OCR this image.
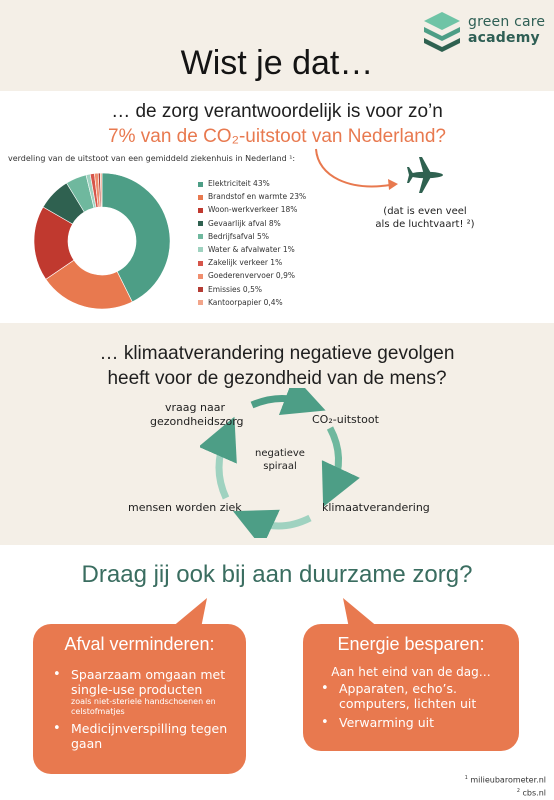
green care
academy
Wist je dat…
… de zorg verantwoordelijk is voor zo’n
7% van de CO₂-uitstoot van Nederland?
verdeling van de uitstoot van een gemiddeld ziekenhuis in Nederland ¹:
Elektriciteit 43%
Brandstof en warmte 23%
Woon-werkverkeer 18%
Gevaarlijk afval 8%
Bedrijfsafval 5%
Water & afvalwater 1%
Zakelijk verkeer 1%
Goederenvervoer 0,9%
Emissies 0,5%
Kantoorpapier 0,4%
(dat is even veel
als de luchtvaart! ²)
… klimaatverandering negatieve gevolgen
heeft voor de gezondheid van de mens?
vraag naar gezondheidszorg	CO₂-uitstoot
klimaatverandering
mensen worden ziek
negatieve spiraal
Draag jij ook bij aan duurzame zorg?
Afval verminderen:
• Spaarzaam omgaan met single-use producten
zoals niet-steriele handschoenen en celstofmatjes
• Medicijnverspilling tegen gaan
Energie besparen:
Aan het eind van de dag…
• Apparaten, echo’s. computers, lichten uit
• Verwarming uit
$^1$ milieubarometer.nl
$^2$ cbs.nl
